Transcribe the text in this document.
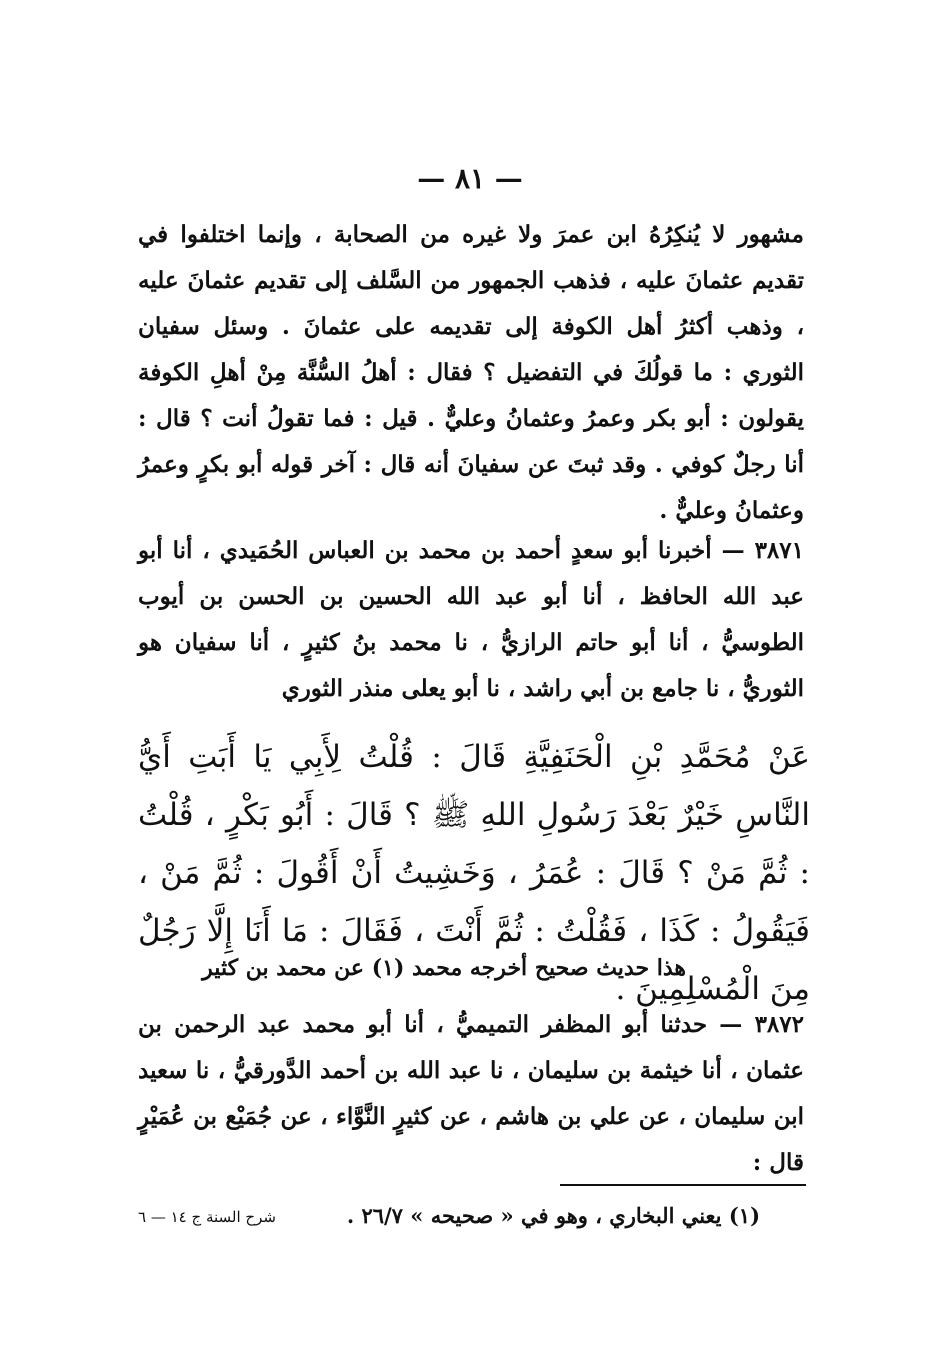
— ٨١ —
مشهور لا يُنكِرُهُ ابن عمرَ ولا غيره من الصحابة ، وإنما اختلفوا في تقديم عثمانَ عليه ، فذهب الجمهور من السَّلف إلى تقديم عثمانَ عليه ، وذهب أكثرُ أهل الكوفة إلى تقديمه على عثمانَ . وسئل سفيان الثوري : ما قولُكَ في التفضيل ؟ فقال : أهلُ السُّنَّة مِنْ أهلِ الكوفة يقولون : أبو بكر وعمرُ وعثمانُ وعليٌّ . قيل : فما تقولُ أنت ؟ قال : أنا رجلٌ كوفي . وقد ثبتَ عن سفيانَ أنه قال : آخر قوله أبو بكرٍ وعمرُ وعثمانُ وعليٌّ .
٣٨٧١ — أخبرنا أبو سعدٍ أحمد بن محمد بن العباس الحُمَيدي ، أنا أبو عبد الله الحافظ ، أنا أبو عبد الله الحسين بن الحسن بن أيوب الطوسيُّ ، أنا أبو حاتم الرازيُّ ، نا محمد بنُ كثيرٍ ، أنا سفيان هو الثوريُّ ، نا جامع بن أبي راشد ، نا أبو يعلى منذر الثوري
عَنْ مُحَمَّدِ بْنِ الْحَنَفِيَّةِ قَالَ : قُلْتُ لِأَبِي يَا أَبَتِ أَيُّ النَّاسِ خَيْرٌ بَعْدَ رَسُولِ اللهِ ﷺ ؟ قَالَ : أَبُو بَكْرٍ ، قُلْتُ : ثُمَّ مَنْ ؟ قَالَ : عُمَرُ ، وَخَشِيتُ أَنْ أَقُولَ : ثُمَّ مَنْ ، فَيَقُولُ : كَذَا ، فَقُلْتُ : ثُمَّ أَنْتَ ، فَقَالَ : مَا أَنَا إِلَّا رَجُلٌ مِنَ الْمُسْلِمِينَ .
هذا حديث صحيح أخرجه محمد (١) عن محمد بن كثير
٣٨٧٢ — حدثنا أبو المظفر التميميُّ ، أنا أبو محمد عبد الرحمن بن عثمان ، أنا خيثمة بن سليمان ، نا عبد الله بن أحمد الدَّورقيُّ ، نا سعيد ابن سليمان ، عن علي بن هاشم ، عن كثيرٍ النَّوَّاء ، عن جُمَيْع بن عُمَيْرٍ قال :
(١) يعني البخاري ، وهو في « صحيحه » ٢٦/٧ .
شرح السنة ج ١٤ — ٦
